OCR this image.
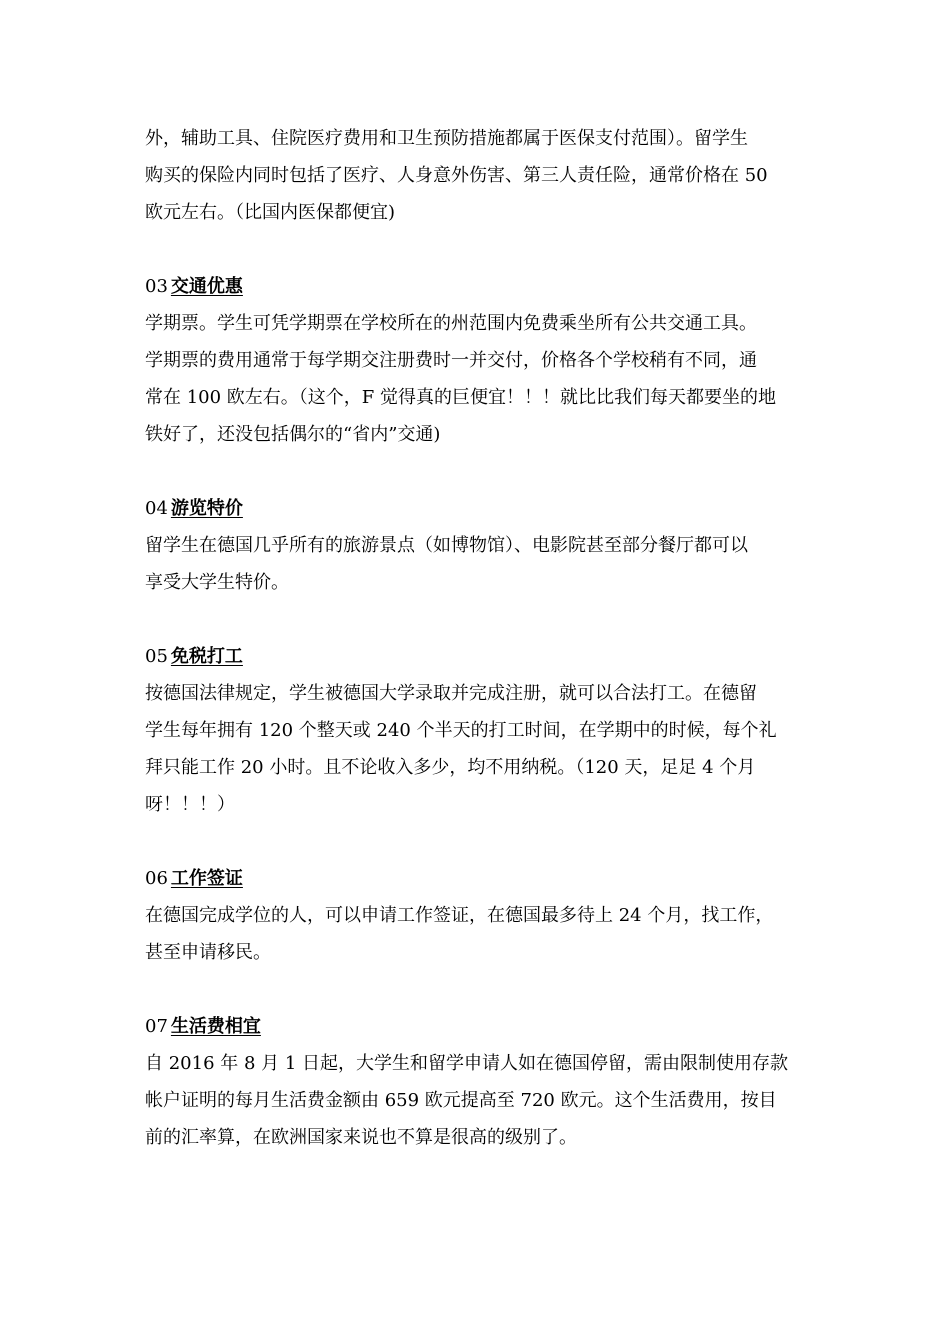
外，辅助工具、住院医疗费用和卫生预防措施都属于医保支付范围）。留学生
购买的保险内同时包括了医疗、人身意外伤害、第三人责任险，通常价格在 50
欧元左右。（比国内医保都便宜)

03 交通优惠

学期票。学生可凭学期票在学校所在的州范围内免费乘坐所有公共交通工具。
学期票的费用通常于每学期交注册费时一并交付，价格各个学校稍有不同，通
常在 100 欧左右。（这个，F 觉得真的巨便宜！！！就比比我们每天都要坐的地
铁好了，还没包括偶尔的“省内”交通)

04 游览特价

留学生在德国几乎所有的旅游景点（如博物馆）、电影院甚至部分餐厅都可以
享受大学生特价。

05 免税打工

按德国法律规定，学生被德国大学录取并完成注册，就可以合法打工。在德留
学生每年拥有 120 个整天或 240 个半天的打工时间，在学期中的时候，每个礼
拜只能工作 20 小时。且不论收入多少，均不用纳税。（120 天，足足 4 个月
呀！！！）

06 工作签证

在德国完成学位的人，可以申请工作签证，在德国最多待上 24 个月，找工作，
甚至申请移民。

07 生活费相宜

自 2016 年 8 月 1 日起，大学生和留学申请人如在德国停留，需由限制使用存款
帐户证明的每月生活费金额由 659 欧元提高至 720 欧元。这个生活费用，按目
前的汇率算，在欧洲国家来说也不算是很高的级别了。
